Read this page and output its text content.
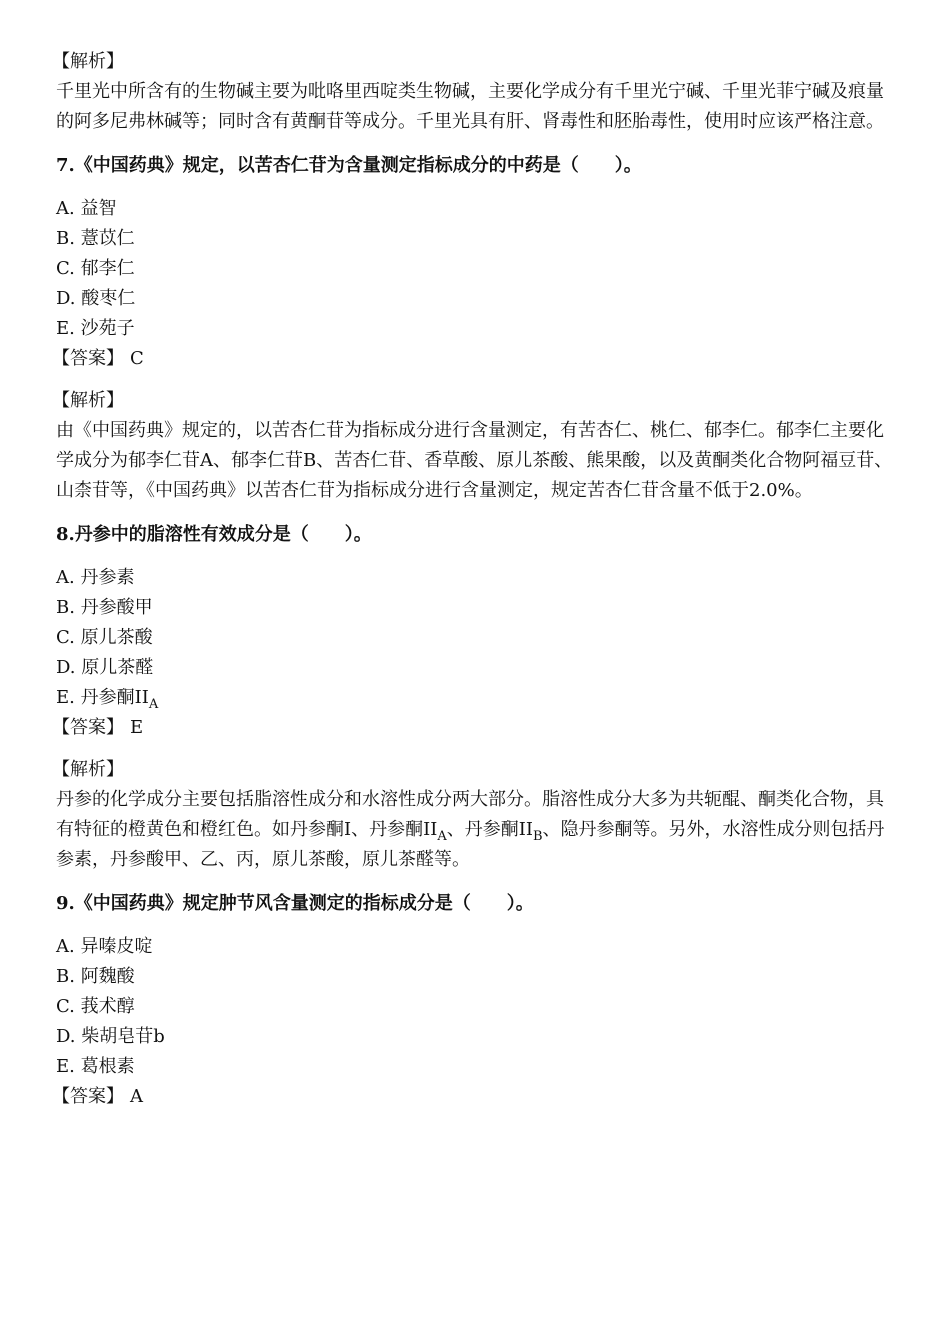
【解析】
千里光中所含有的生物碱主要为吡咯里西啶类生物碱，主要化学成分有千里光宁碱、千里光菲宁碱及痕量的阿多尼弗林碱等；同时含有黄酮苷等成分。千里光具有肝、肾毒性和胚胎毒性，使用时应该严格注意。
7.《中国药典》规定，以苦杏仁苷为含量测定指标成分的中药是（　　）。
A. 益智
B. 薏苡仁
C. 郁李仁
D. 酸枣仁
E. 沙苑子
【答案】 C
【解析】
由《中国药典》规定的，以苦杏仁苷为指标成分进行含量测定，有苦杏仁、桃仁、郁李仁。郁李仁主要化学成分为郁李仁苷A、郁李仁苷B、苦杏仁苷、香草酸、原儿茶酸、熊果酸，以及黄酮类化合物阿福豆苷、山柰苷等，《中国药典》以苦杏仁苷为指标成分进行含量测定，规定苦杏仁苷含量不低于2.0%。
8.丹参中的脂溶性有效成分是（　　）。
A. 丹参素
B. 丹参酸甲
C. 原儿茶酸
D. 原儿茶醛
E. 丹参酮$II_A$
【答案】 E
【解析】
丹参的化学成分主要包括脂溶性成分和水溶性成分两大部分。脂溶性成分大多为共轭醌、酮类化合物，具有特征的橙黄色和橙红色。如丹参酮I、丹参酮$II_A$、丹参酮$II_B$、隐丹参酮等。另外，水溶性成分则包括丹参素，丹参酸甲、乙、丙，原儿茶酸，原儿茶醛等。
9.《中国药典》规定肿节风含量测定的指标成分是（　　）。
A. 异嗪皮啶
B. 阿魏酸
C. 莪术醇
D. 柴胡皂苷b
E. 葛根素
【答案】 A
